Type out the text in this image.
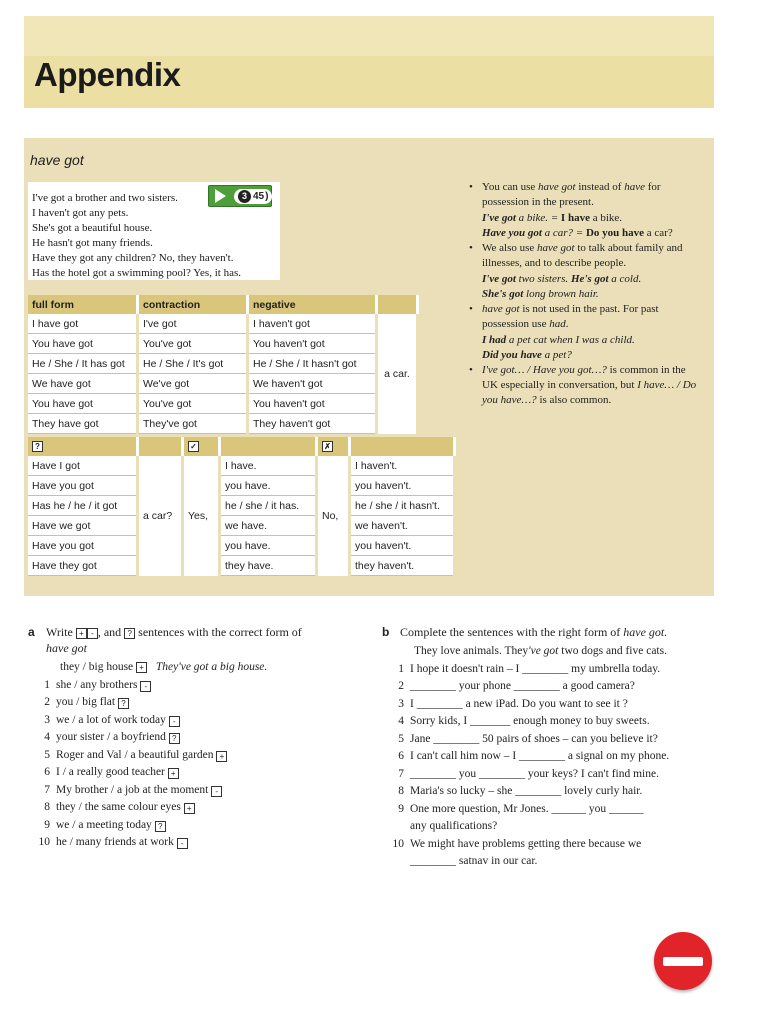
Appendix
have got
I've got a brother and two sisters.
I haven't got any pets.
She's got a beautiful house.
He hasn't got many friends.
Have they got any children? No, they haven't.
Has the hotel got a swimming pool? Yes, it has.
3 45 )
• You can use have got instead of have for possession in the present.
I've got a bike. = I have a bike.
Have you got a car? = Do you have a car?
• We also use have got to talk about family and illnesses, and to describe people.
I've got two sisters. He's got a cold.
She's got long brown hair.
• have got is not used in the past. For past possession use had.
I had a pet cat when I was a child.
Did you have a pet?
• I've got… / Have you got…? is common in the UK especially in conversation, but I have… / Do you have…? is also common.
full form	contraction	negative	
I have got	I've got	I haven't got	a car.
You have got	You've got	You haven't got	
He / She / It has got	He / She / It's got	He / She / It hasn't got	
We have got	We've got	We haven't got	
You have got	You've got	You haven't got	
They have got	They've got	They haven't got	
?		✓		✗	
Have I got	a car?	Yes,	I have.	No,	I haven't.
Have you got			you have.		you haven't.
Has he / he / it got			he / she / it has.		he / she / it hasn't.
Have we got			we have.		we haven't.
Have you got			you have.		you haven't.
Have they got			they have.		they haven't.
a Write + - , and ? sentences with the correct form of
have got
they / big house + They've got a big house.
1 she / any brothers
-
2 you / big flat
?
3 we / a lot of work today
-
4 your sister / a boyfriend
?
5 Roger and Val / a beautiful garden
+
6 I / a really good teacher
+
7 My brother / a job at the moment
-
8 they / the same colour eyes
+
9 we / a meeting today
?
10 he / many friends at work
-
b Complete the sentences with the right form of have got.
They love animals. They've got two dogs and five cats.
1 I hope it doesn't rain – I ________ my umbrella today.
2 ________ your phone ________ a good camera?
3 I ________ a new iPad. Do you want to see it ?
4 Sorry kids, I _______ enough money to buy sweets.
5 Jane ________ 50 pairs of shoes – can you believe it?
6 I can't call him now – I ________ a signal on my phone.
7 ________ you ________ your keys? I can't find mine.
8 Maria's so lucky – she ________ lovely curly hair.
9 One more question, Mr Jones. ______ you ______
any qualifications?
10 We might have problems getting there because we
________ satnav in our car.
